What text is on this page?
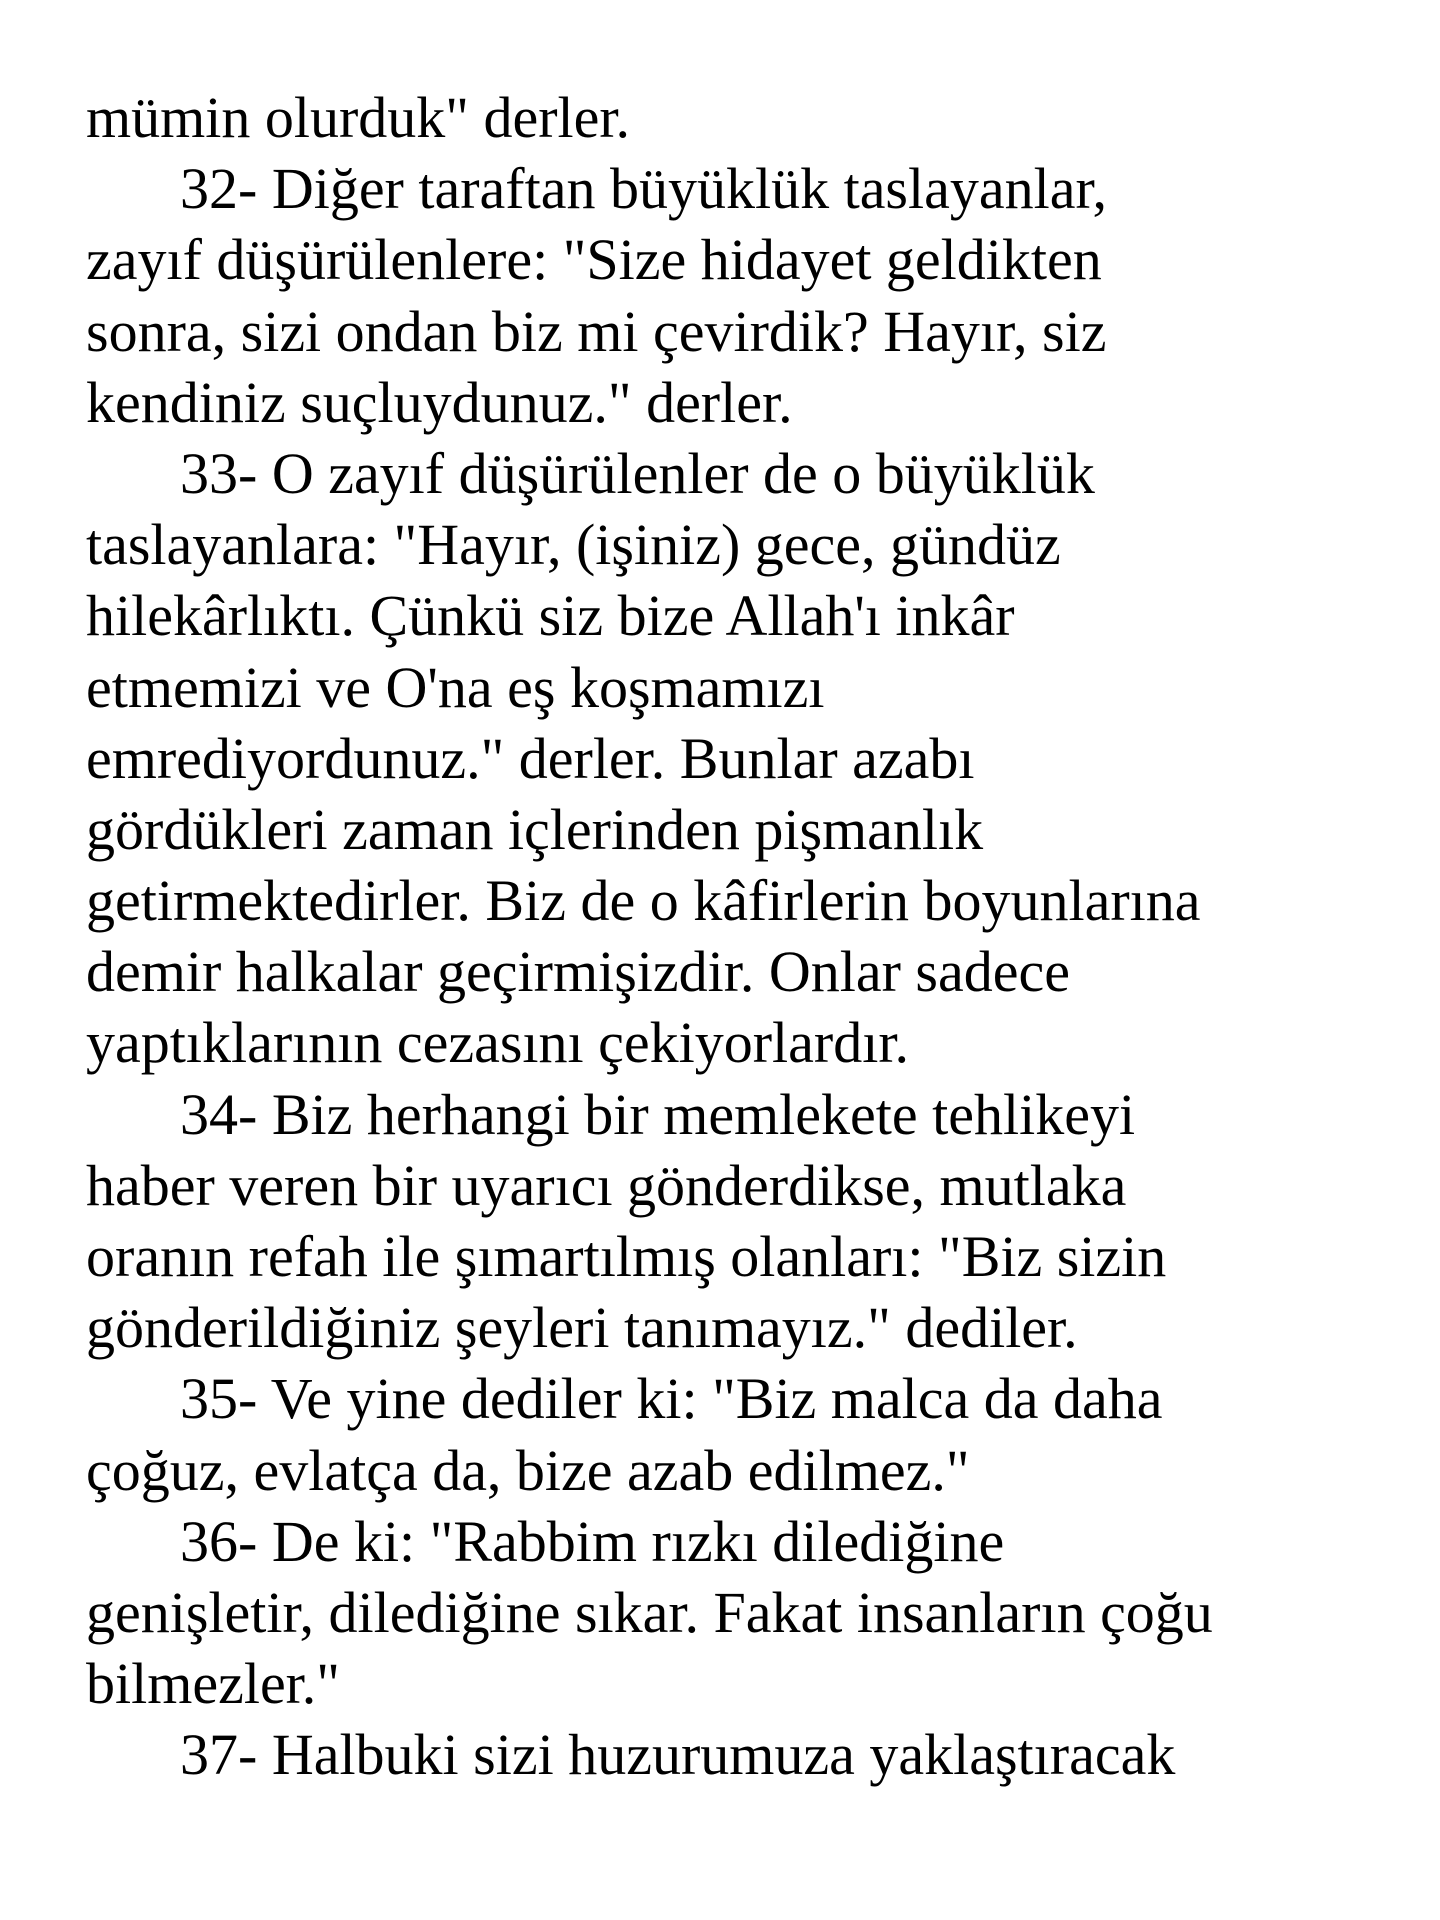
mümin olurduk" derler.
32- Diğer taraftan büyüklük taslayanlar,
zayıf düşürülenlere: "Size hidayet geldikten
sonra, sizi ondan biz mi çevirdik? Hayır, siz
kendiniz suçluydunuz." derler.
33- O zayıf düşürülenler de o büyüklük
taslayanlara: "Hayır, (işiniz) gece, gündüz
hilekârlıktı. Çünkü siz bize Allah'ı inkâr
etmemizi ve O'na eş koşmamızı
emrediyordunuz." derler. Bunlar azabı
gördükleri zaman içlerinden pişmanlık
getirmektedirler. Biz de o kâfirlerin boyunlarına
demir halkalar geçirmişizdir. Onlar sadece
yaptıklarının cezasını çekiyorlardır.
34- Biz herhangi bir memlekete tehlikeyi
haber veren bir uyarıcı gönderdikse, mutlaka
oranın refah ile şımartılmış olanları: "Biz sizin
gönderildiğiniz şeyleri tanımayız." dediler.
35- Ve yine dediler ki: "Biz malca da daha
çoğuz, evlatça da, bize azab edilmez."
36- De ki: "Rabbim rızkı dilediğine
genişletir, dilediğine sıkar. Fakat insanların çoğu
bilmezler."
37- Halbuki sizi huzurumuza yaklaştıracak
